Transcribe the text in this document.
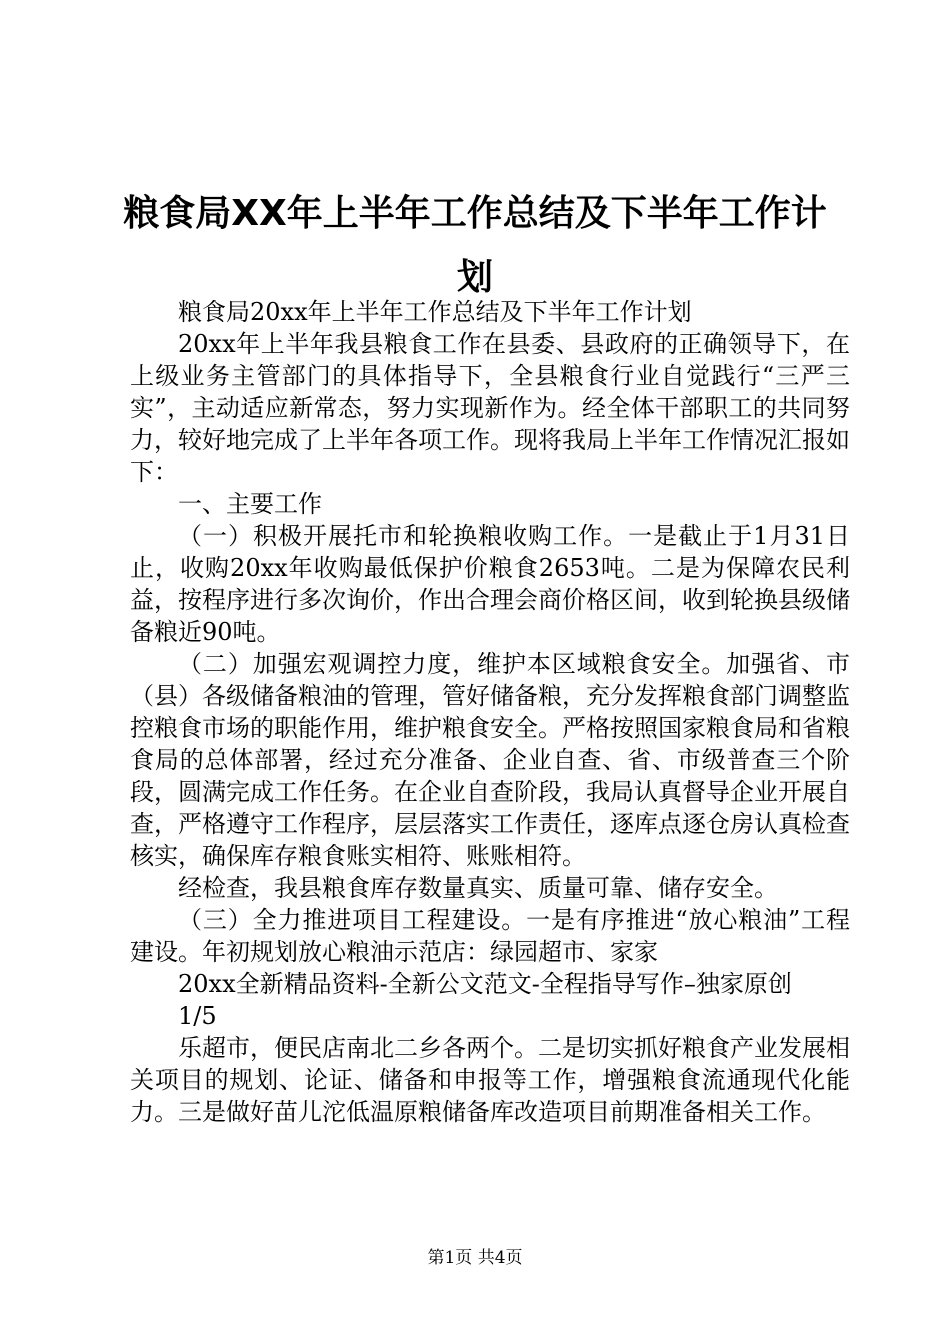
粮食局XX年上半年工作总结及下半年工作计划

粮食局20xx年上半年工作总结及下半年工作计划

20xx年上半年我县粮食工作在县委、县政府的正确领导下，在上级业务主管部门的具体指导下，全县粮食行业自觉践行“三严三实”，主动适应新常态，努力实现新作为。经全体干部职工的共同努力，较好地完成了上半年各项工作。现将我局上半年工作情况汇报如下：

一、主要工作

（一）积极开展托市和轮换粮收购工作。一是截止于1月31日止，收购20xx年收购最低保护价粮食2653吨。二是为保障农民利益，按程序进行多次询价，作出合理会商价格区间，收到轮换县级储备粮近90吨。

（二）加强宏观调控力度，维护本区域粮食安全。加强省、市（县）各级储备粮油的管理，管好储备粮，充分发挥粮食部门调整监控粮食市场的职能作用，维护粮食安全。严格按照国家粮食局和省粮食局的总体部署，经过充分准备、企业自查、省、市级普查三个阶段，圆满完成工作任务。在企业自查阶段，我局认真督导企业开展自查，严格遵守工作程序，层层落实工作责任，逐库点逐仓房认真检查核实，确保库存粮食账实相符、账账相符。

经检查，我县粮食库存数量真实、质量可靠、储存安全。

（三）全力推进项目工程建设。一是有序推进“放心粮油”工程建设。年初规划放心粮油示范店：绿园超市、家家

20xx全新精品资料-全新公文范文-全程指导写作–独家原创

1/5

乐超市，便民店南北二乡各两个。二是切实抓好粮食产业发展相关项目的规划、论证、储备和申报等工作，增强粮食流通现代化能力。三是做好苗儿沱低温原粮储备库改造项目前期准备相关工作。

第1页 共4页
